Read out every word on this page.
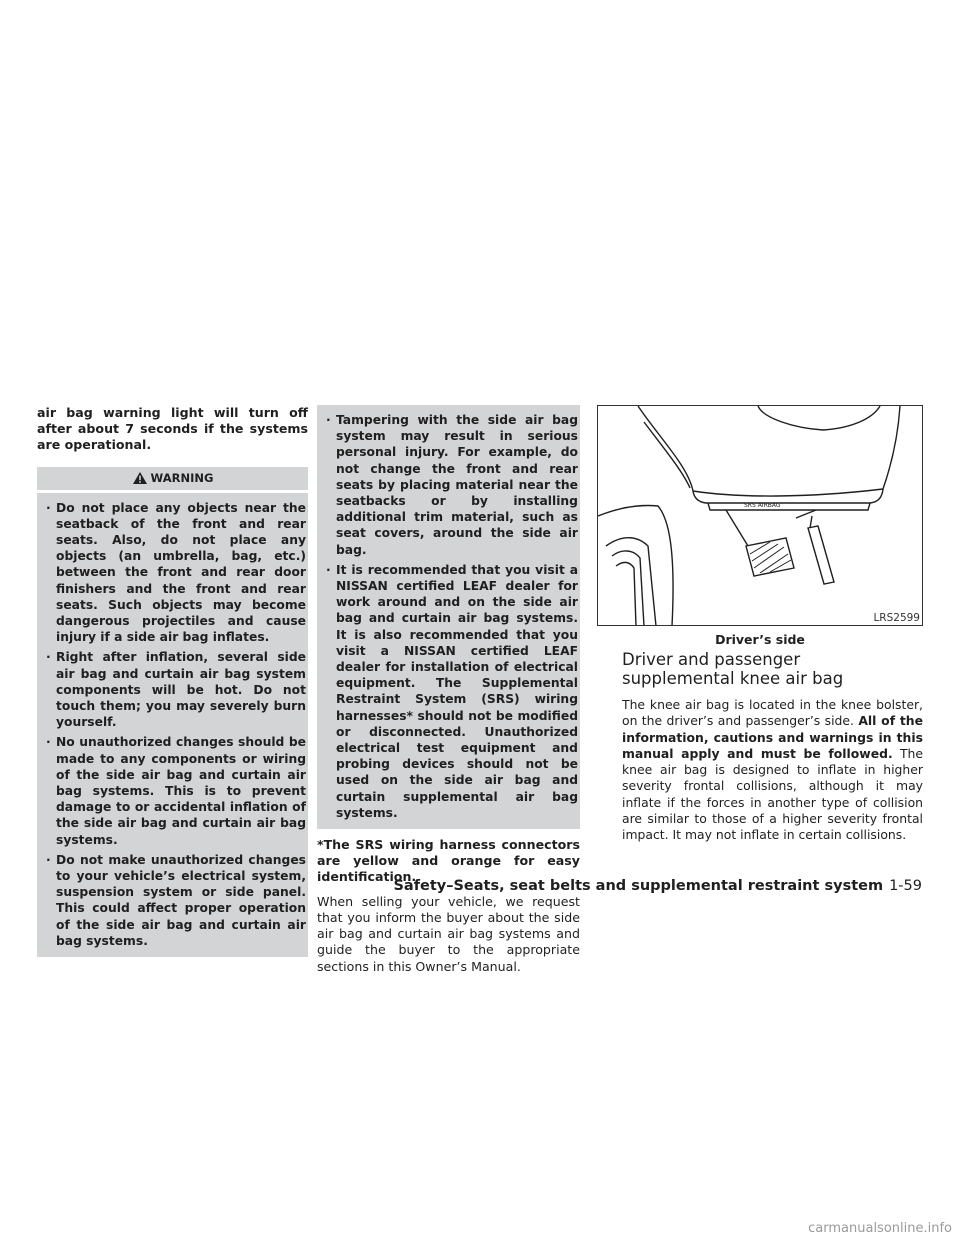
air bag warning light will turn off after about 7 seconds if the systems are operational.

WARNING
· Do not place any objects near the seatback of the front and rear seats. Also, do not place any objects (an umbrella, bag, etc.) between the front and rear door finishers and the front and rear seats. Such objects may become dangerous projectiles and cause injury if a side air bag inflates.
· Right after inflation, several side air bag and curtain air bag system components will be hot. Do not touch them; you may severely burn yourself.
· No unauthorized changes should be made to any components or wiring of the side air bag and curtain air bag systems. This is to prevent damage to or accidental inflation of the side air bag and curtain air bag systems.
· Do not make unauthorized changes to your vehicle’s electrical system, suspension system or side panel. This could affect proper operation of the side air bag and curtain air bag systems.
· Tampering with the side air bag system may result in serious personal injury. For example, do not change the front and rear seats by placing material near the seatbacks or by installing additional trim material, such as seat covers, around the side air bag.
· It is recommended that you visit a NISSAN certified LEAF dealer for work around and on the side air bag and curtain air bag systems. It is also recommended that you visit a NISSAN certified LEAF dealer for installation of electrical equipment. The Supplemental Restraint System (SRS) wiring harnesses* should not be modified or disconnected. Unauthorized electrical test equipment and probing devices should not be used on the side air bag and curtain supplemental air bag systems.

*The SRS wiring harness connectors are yellow and orange for easy identification.

When selling your vehicle, we request that you inform the buyer about the side air bag and curtain air bag systems and guide the buyer to the appropriate sections in this Owner’s Manual.

SRS AIRBAG
LRS2599
Driver’s side
Driver and passenger
supplemental knee air bag

The knee air bag is located in the knee bolster, on the driver’s and passenger’s side. All of the information, cautions and warnings in this manual apply and must be followed. The knee air bag is designed to inflate in higher severity frontal collisions, although it may inflate if the forces in another type of collision are similar to those of a higher severity frontal impact. It may not inflate in certain collisions.

Safety–Seats, seat belts and supplemental restraint system 1-59
carmanualsonline.info
